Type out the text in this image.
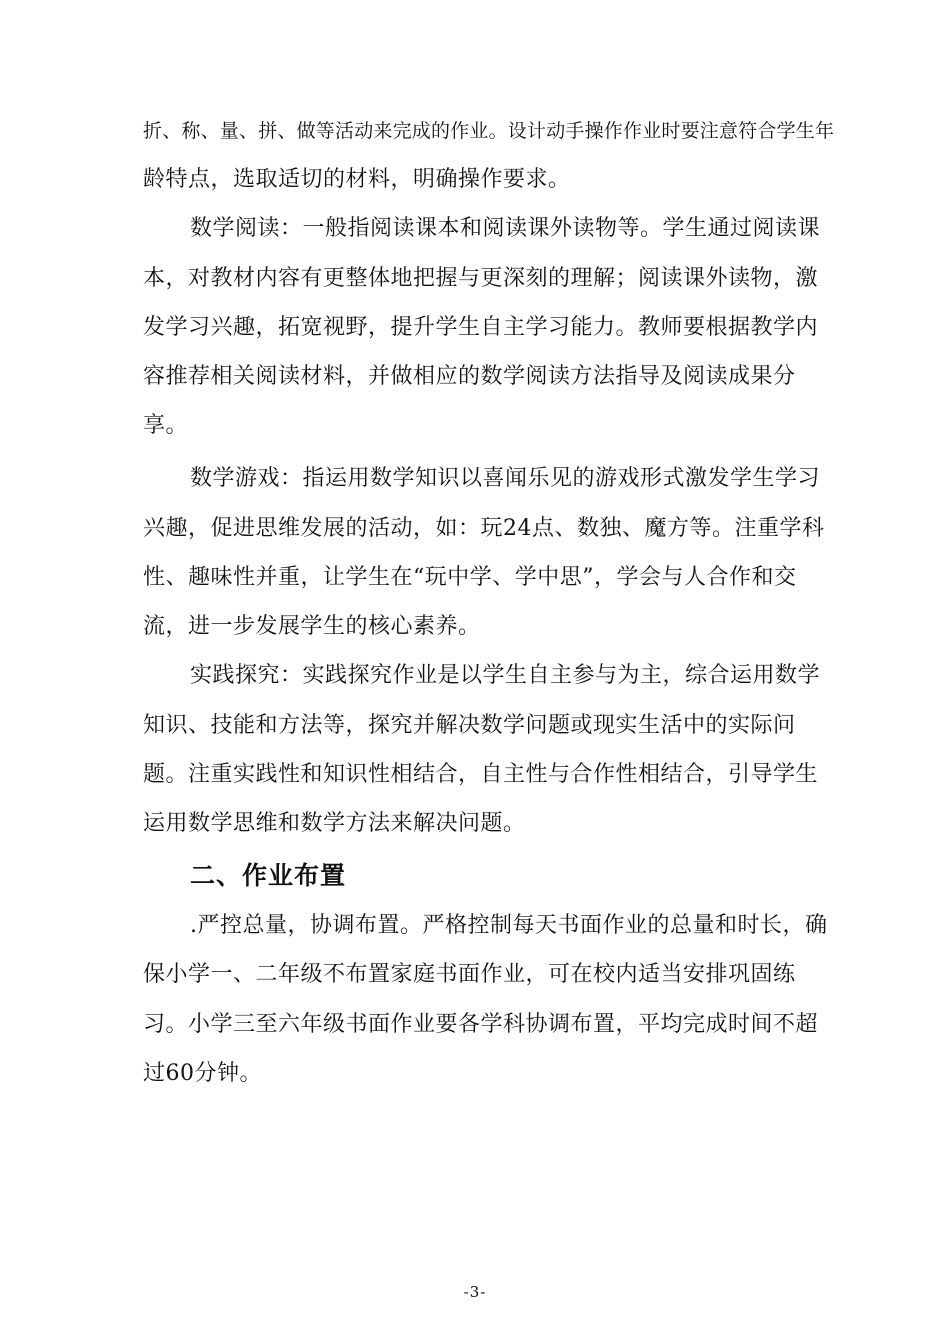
折、称、量、拼、做等活动来完成的作业。设计动手操作作业时要注意符合学生年
龄特点，选取适切的材料，明确操作要求。
数学阅读：一般指阅读课本和阅读课外读物等。学生通过阅读课
本，对教材内容有更整体地把握与更深刻的理解；阅读课外读物，激
发学习兴趣，拓宽视野，提升学生自主学习能力。教师要根据教学内
容推荐相关阅读材料，并做相应的数学阅读方法指导及阅读成果分
享。
数学游戏：指运用数学知识以喜闻乐见的游戏形式激发学生学习
兴趣，促进思维发展的活动，如：玩24点、数独、魔方等。注重学科
性、趣味性并重，让学生在“玩中学、学中思”，学会与人合作和交
流，进一步发展学生的核心素养。
实践探究：实践探究作业是以学生自主参与为主，综合运用数学
知识、技能和方法等，探究并解决数学问题或现实生活中的实际问
题。注重实践性和知识性相结合，自主性与合作性相结合，引导学生
运用数学思维和数学方法来解决问题。
二、作业布置
.严控总量，协调布置。严格控制每天书面作业的总量和时长，确
保小学一、二年级不布置家庭书面作业，可在校内适当安排巩固练
习。小学三至六年级书面作业要各学科协调布置，平均完成时间不超
过60分钟。
-3-
